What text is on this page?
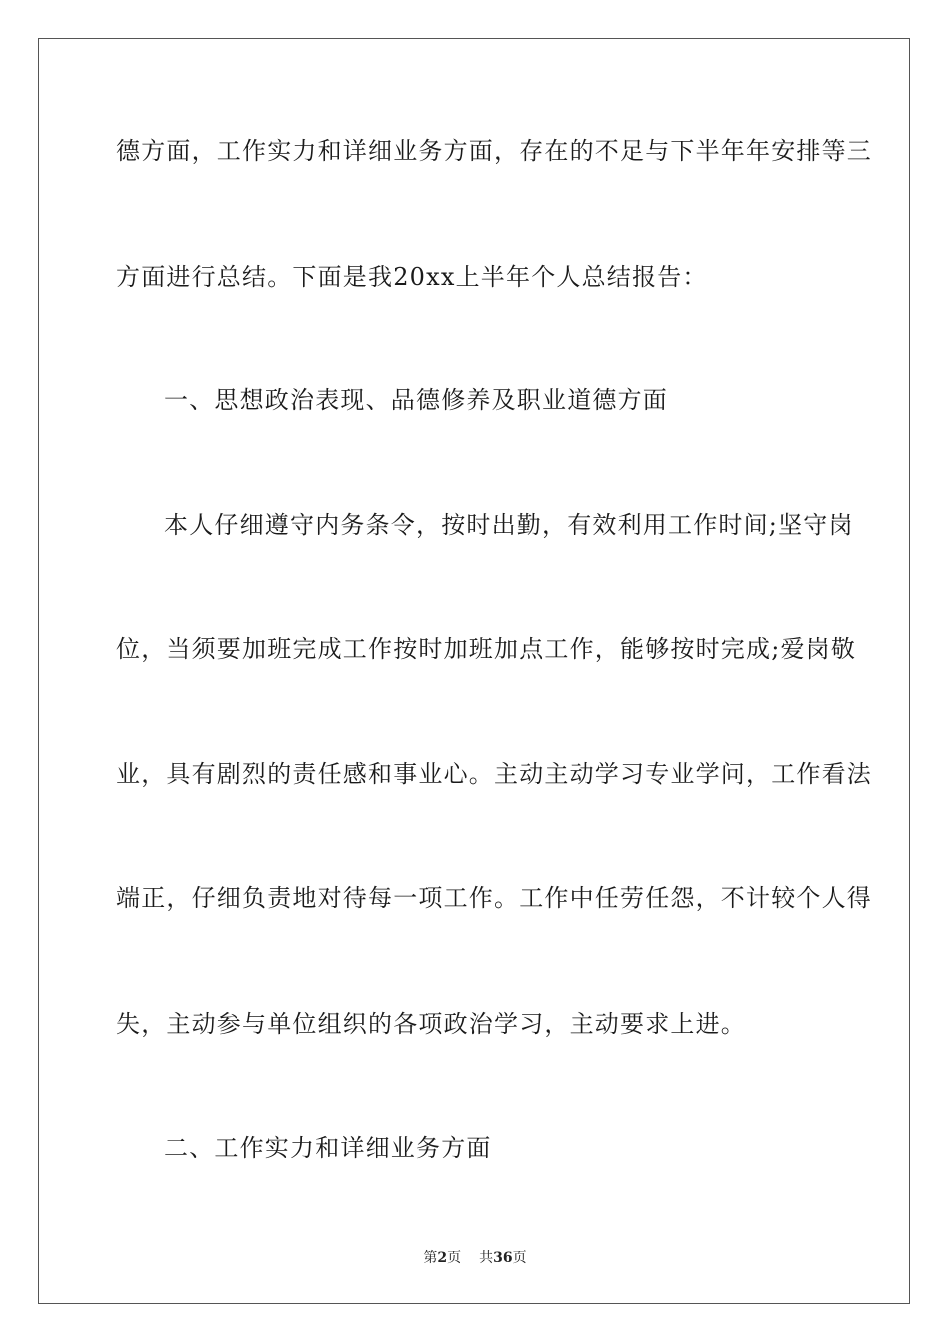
德方面，工作实力和详细业务方面，存在的不足与下半年年安排等三
方面进行总结。下面是我20xx上半年个人总结报告：
一、思想政治表现、品德修养及职业道德方面
本人仔细遵守内务条令，按时出勤，有效利用工作时间;坚守岗
位，当须要加班完成工作按时加班加点工作，能够按时完成;爱岗敬
业，具有剧烈的责任感和事业心。主动主动学习专业学问，工作看法
端正，仔细负责地对待每一项工作。工作中任劳任怨，不计较个人得
失，主动参与单位组织的各项政治学习，主动要求上进。
二、工作实力和详细业务方面
第2页 共36页
